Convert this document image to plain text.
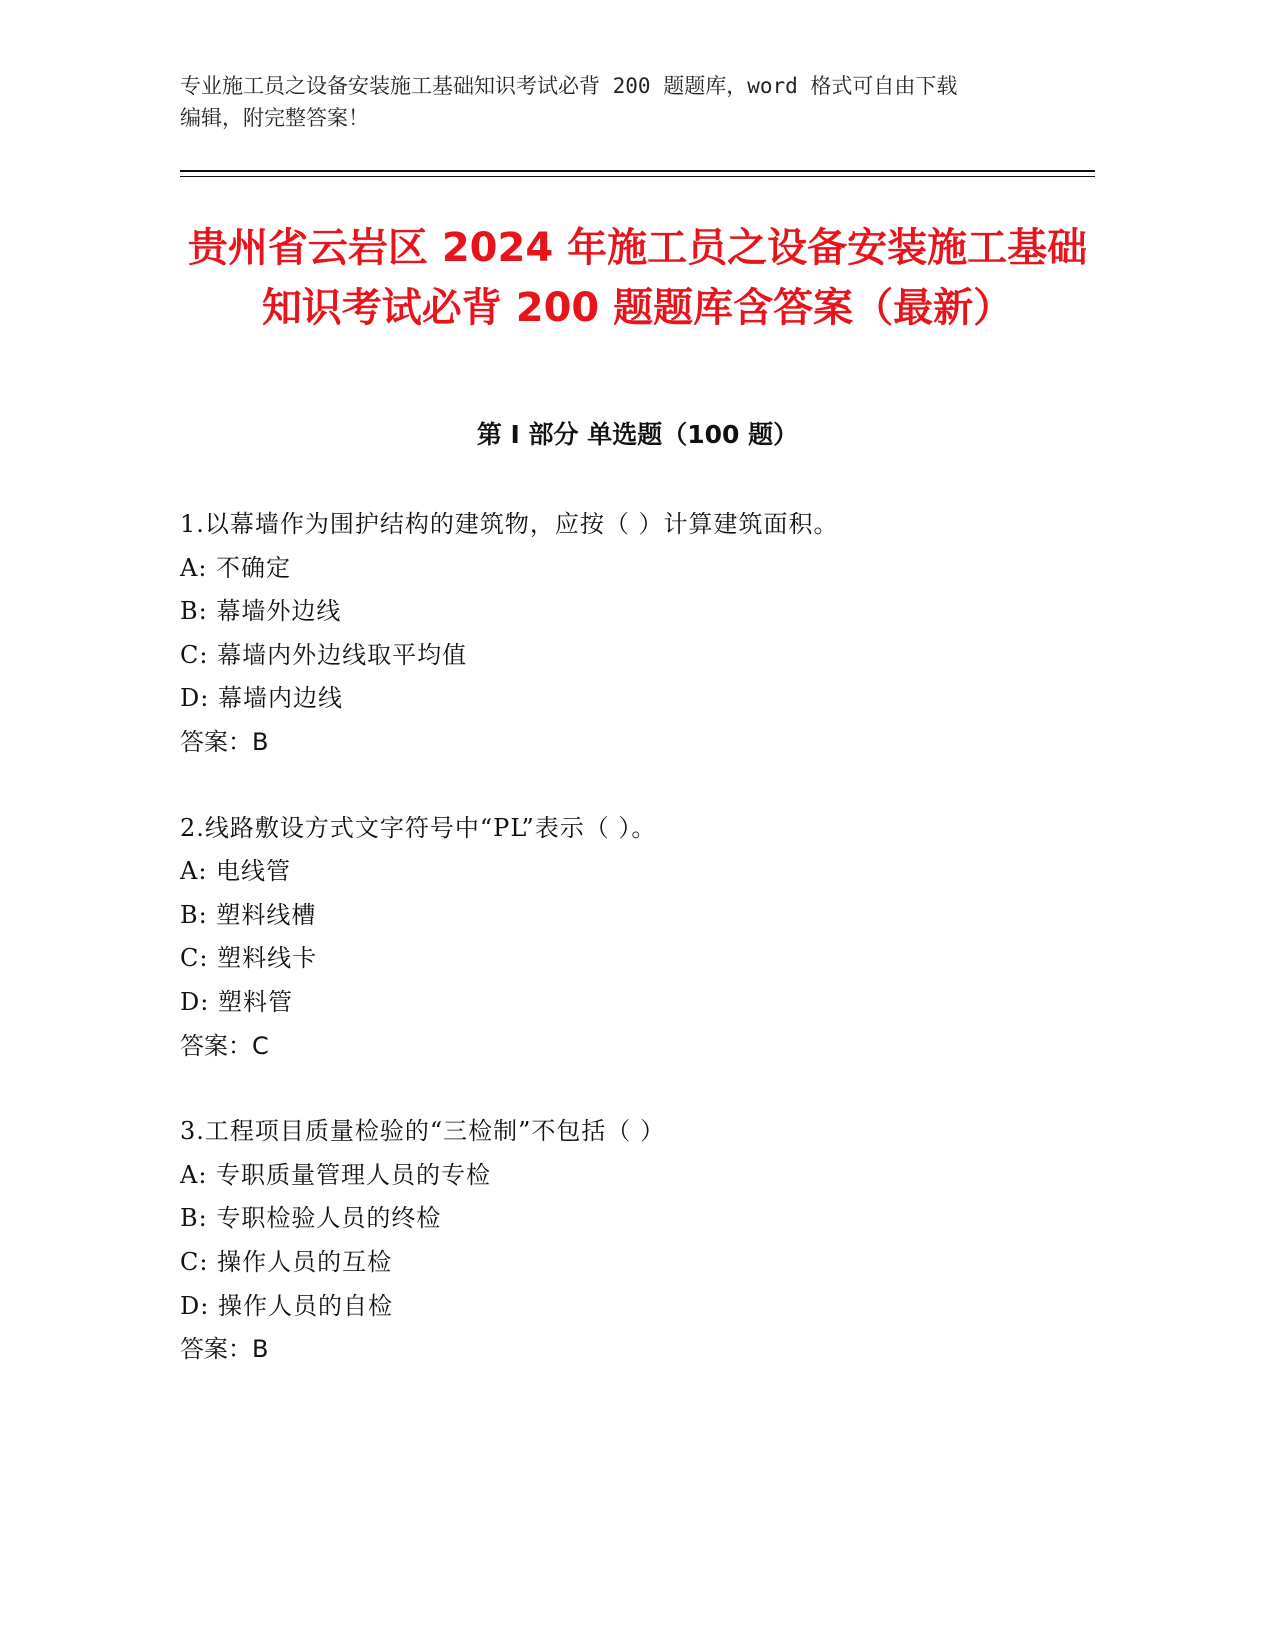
专业施工员之设备安装施工基础知识考试必背 200 题题库，word 格式可自由下载
编辑，附完整答案！
贵州省云岩区 2024 年施工员之设备安装施工基础知识考试必背 200 题题库含答案（最新）
第 I 部分 单选题（100 题）
1.以幕墙作为围护结构的建筑物，应按（ ）计算建筑面积。
A: 不确定
B: 幕墙外边线
C: 幕墙内外边线取平均值
D: 幕墙内边线
答案：B
2.线路敷设方式文字符号中“PL”表示（ ）。
A: 电线管
B: 塑料线槽
C: 塑料线卡
D: 塑料管
答案：C
3.工程项目质量检验的“三检制”不包括（ ）
A: 专职质量管理人员的专检
B: 专职检验人员的终检
C: 操作人员的互检
D: 操作人员的自检
答案：B
